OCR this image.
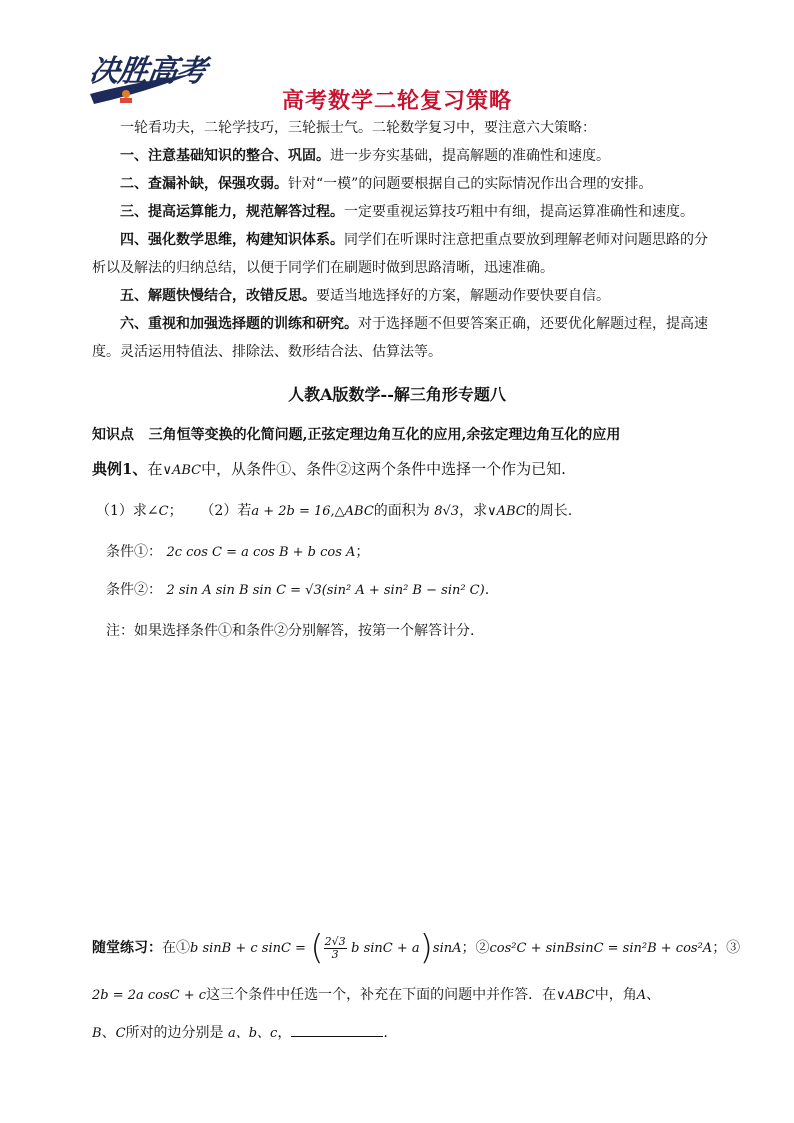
决胜高考
高考数学二轮复习策略
一轮看功夫，二轮学技巧，三轮振士气。二轮数学复习中，要注意六大策略：
一、注意基础知识的整合、巩固。进一步夯实基础，提高解题的准确性和速度。
二、查漏补缺，保强攻弱。针对“一模”的问题要根据自己的实际情况作出合理的安排。
三、提高运算能力，规范解答过程。一定要重视运算技巧粗中有细，提高运算准确性和速度。
四、强化数学思维，构建知识体系。同学们在听课时注意把重点要放到理解老师对问题思路的分析以及解法的归纳总结，以便于同学们在刷题时做到思路清晰，迅速准确。
五、解题快慢结合，改错反思。要适当地选择好的方案，解题动作要快要自信。
六、重视和加强选择题的训练和研究。对于选择题不但要答案正确，还要优化解题过程，提高速度。灵活运用特值法、排除法、数形结合法、估算法等。
人教A版数学--解三角形专题八
知识点 三角恒等变换的化简问题,正弦定理边角互化的应用,余弦定理边角互化的应用
典例1、在∨ABC中，从条件①、条件②这两个条件中选择一个作为已知.
（1）求∠C； （2）若a + 2b = 16,△ABC的面积为 8√3，求∨ABC的周长.
条件①： 2c cos C = a cos B + b cos A；
条件②： 2 sin A sin B sin C = √3(sin² A + sin² B − sin² C).
注：如果选择条件①和条件②分别解答，按第一个解答计分.
随堂练习：在①b sinB + c sinC = ( $\frac{2√3}{3}$ b sinC + a)sinA；②cos²C + sinBsinC = sin²B + cos²A；③
2b = 2a cosC + c这三个条件中任选一个，补充在下面的问题中并作答．在∨ABC中，角A、
B、C所对的边分别是 a、b、c，	.
